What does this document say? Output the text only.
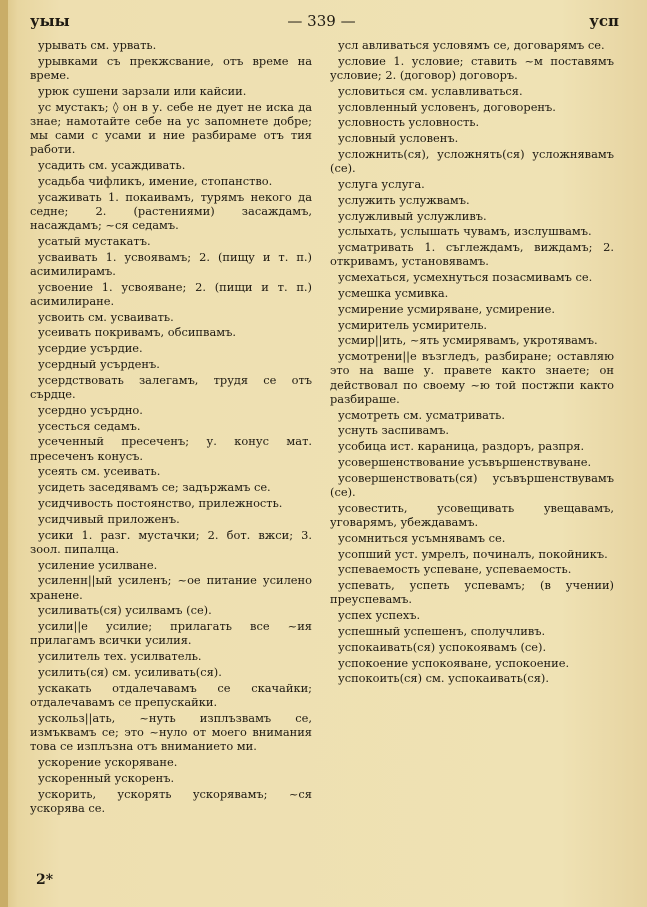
уыы	— 339 —	усп

урывать см. урвать.

урывками съ прекжсвание, отъ време на време.

урюк сушени зарзали или кайсии.

ус мустакъ; ◊ он в у. себе не дует не иска да знае; намотайте себе на ус запомнете добре; мы сами с усами и ние разбираме отъ тия работи.

усадить см. усаждивать.

усадьба чифликъ, имение, стопанство.

усаживать 1. покаивамъ, турямъ некого да седне; 2. (растениями) засаждамъ, насаждамъ; ~ся седамъ.

усатый мустакатъ.

усваивать 1. усвоявамъ; 2. (пищу и т. п.) асимилирамъ.

усвоение 1. усвояване; 2. (пищи и т. п.) асимилиране.

усвоить см. усваивать.

усеивать покривамъ, обсипвамъ.

усердие усърдие.

усердный усърденъ.

усердствовать залегамъ, трудя се отъ сърдце.

усердно усърдно.

усесться седамъ.

усеченный пресеченъ; у. конус мат. пресеченъ конусъ.

усеять см. усеивать.

усидеть заседявамъ се; задържамъ се.

усидчивость постоянство, прилежность.

усидчивый приложенъ.

усики 1. разг. мустачки; 2. бот. вжси; 3. зоол. пипалца.

усиление усилване.

усиленн||ый усиленъ; ~ое питание усилено хранене.

усиливать(ся) усилвамъ (се).

усили||е усилие; прилагать все ~ия прилагамъ всички усилия.

усилитель тех. усилватель.

усилить(ся) см. усиливать(ся).

ускакать отдалечавамъ се скачайки; отдалечавамъ се препускайки.

ускольз||ать, ~нуть изплъзвамъ се, измъквамъ се; это ~нуло от моего внимания това се изплъзна отъ вниманието ми.

ускорение ускоряване.

ускоренный ускоренъ.

ускорить, ускорять ускорявамъ; ~ся ускорява се.

усл авливаться условямъ се, договарямъ се.

условие 1. условие; ставить ~м поставямъ условие; 2. (договор) договоръ.

условиться см. уславливаться.

условленный условенъ, договоренъ.

условность условность.

условный условенъ.

усложнить(ся), усложнять(ся) усложнявамъ (се).

услуга услуга.

услужить услужвамъ.

услужливый услужливъ.

услыхать, услышать чувамъ, изслушвамъ.

усматривать 1. съглеждамъ, виждамъ; 2. откривамъ, установявамъ.

усмехаться, усмехнуться позасмивамъ се.

усмешка усмивка.

усмирение усмиряване, усмирение.

усмиритель усмиритель.

усмир||ить, ~ять усмирявамъ, укротявамъ.

усмотрени||е възгледъ, разбиране; оставляю это на ваше у. правете както знаете; он действовал по своему ~ю той постжпи както разбираше.

усмотреть см. усматривать.

уснуть заспивамъ.

усобица ист. караница, раздоръ, разпря.

усовершенствование усъвършенствуване.

усовершенствовать(ся) усъвършенствувамъ (се).

усовестить, усовещивать увещавамъ, уговарямъ, убеждавамъ.

усомниться усъмнявамъ се.

усопший уст. умрелъ, починалъ, покойникъ.

успеваемость успеване, успеваемость.

успевать, успеть успевамъ; (в учении) преуспевамъ.

успех успехъ.

успешный успешенъ, сполучливъ.

успокаивать(ся) успокоявамъ (се).

успокоение успокояване, успокоение.

успокоить(ся) см. успокаивать(ся).

2*
